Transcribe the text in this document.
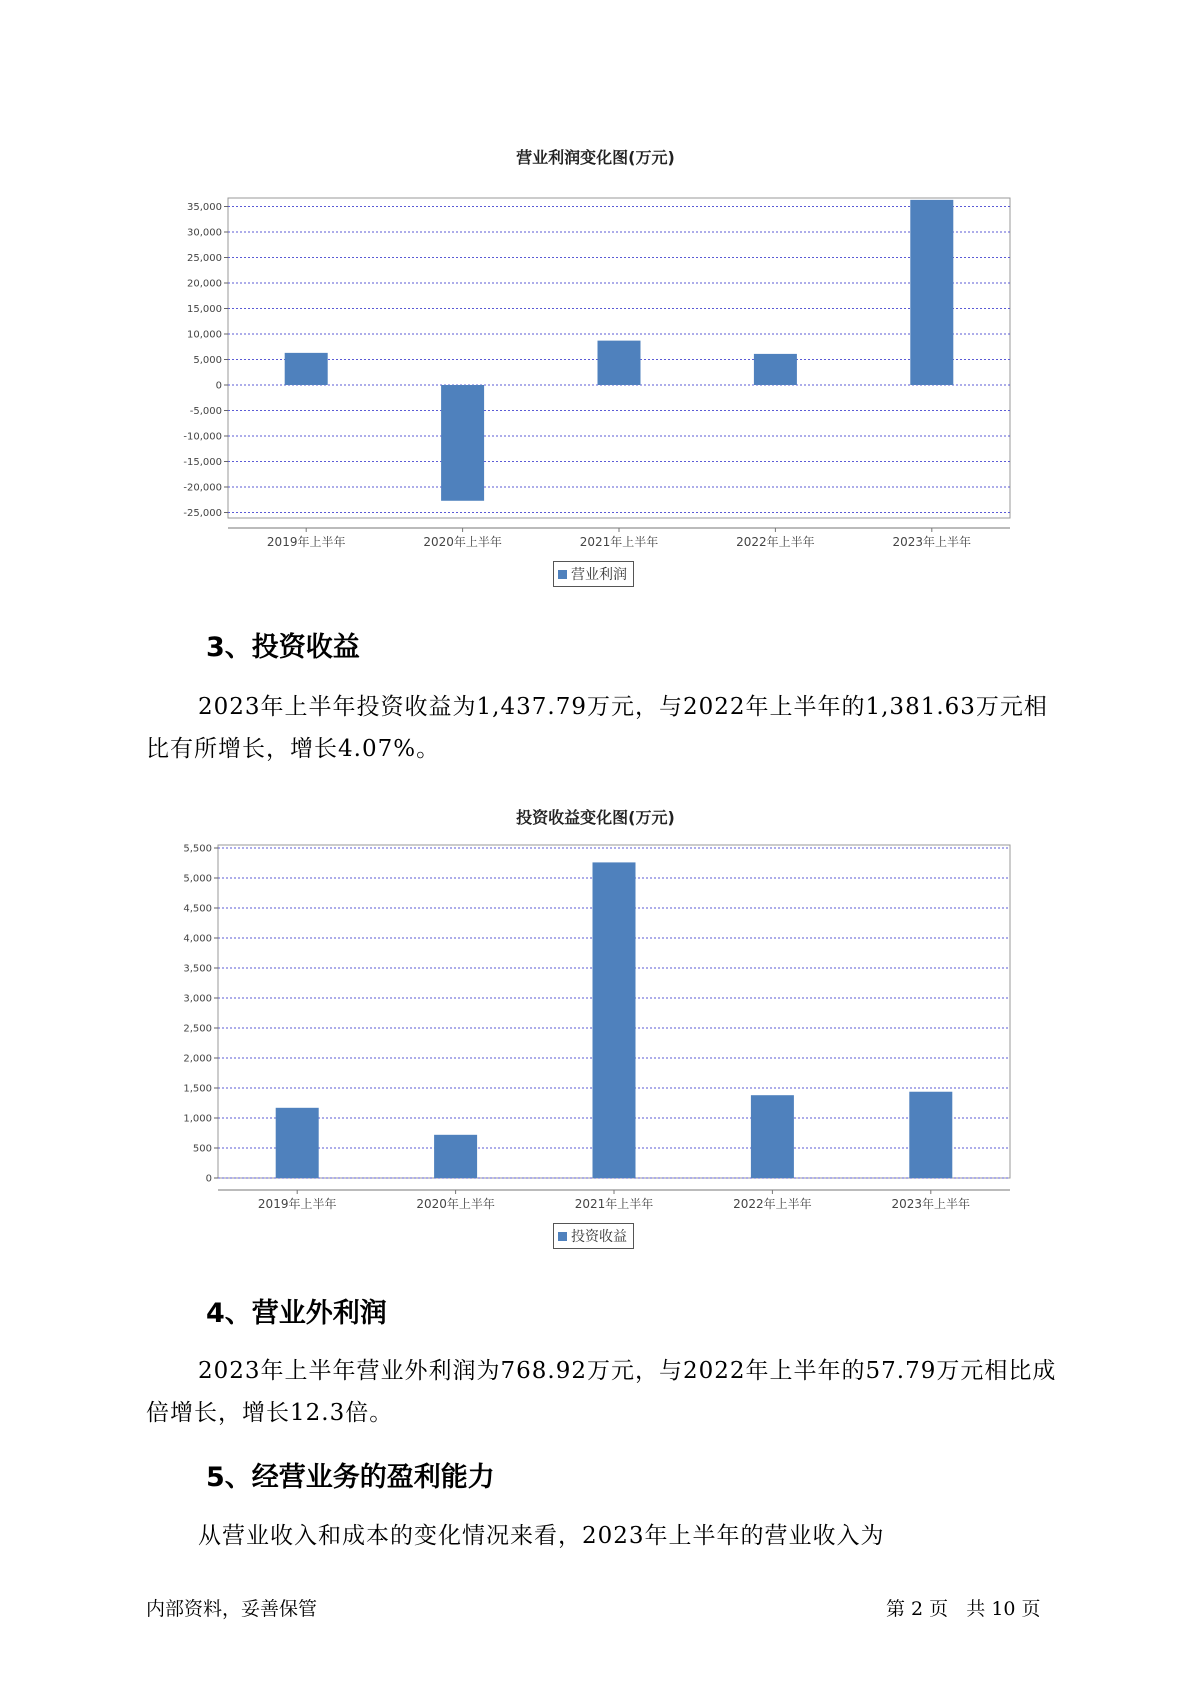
营业利润变化图(万元)
35,000
30,000
25,000
20,000
15,000
10,000
5,000
0
-5,000
-10,000
-15,000
-20,000
-25,000
2019年上半年	2020年上半年	2021年上半年	2022年上半年	2023年上半年
营业利润
3、投资收益

2023年上半年投资收益为1,437.79万元，与2022年上半年的1,381.63万元相比有所增长，增长4.07%。

投资收益变化图(万元)
5,500
5,000
4,500
4,000
3,500
3,000
2,500
2,000
1,500
1,000
500
0
2019年上半年	2020年上半年	2021年上半年	2022年上半年	2023年上半年
投资收益
4、营业外利润

2023年上半年营业外利润为768.92万元，与2022年上半年的57.79万元相比成倍增长，增长12.3倍。

5、经营业务的盈利能力

从营业收入和成本的变化情况来看，2023年上半年的营业收入为

内部资料，妥善保管	第 2 页   共 10 页
